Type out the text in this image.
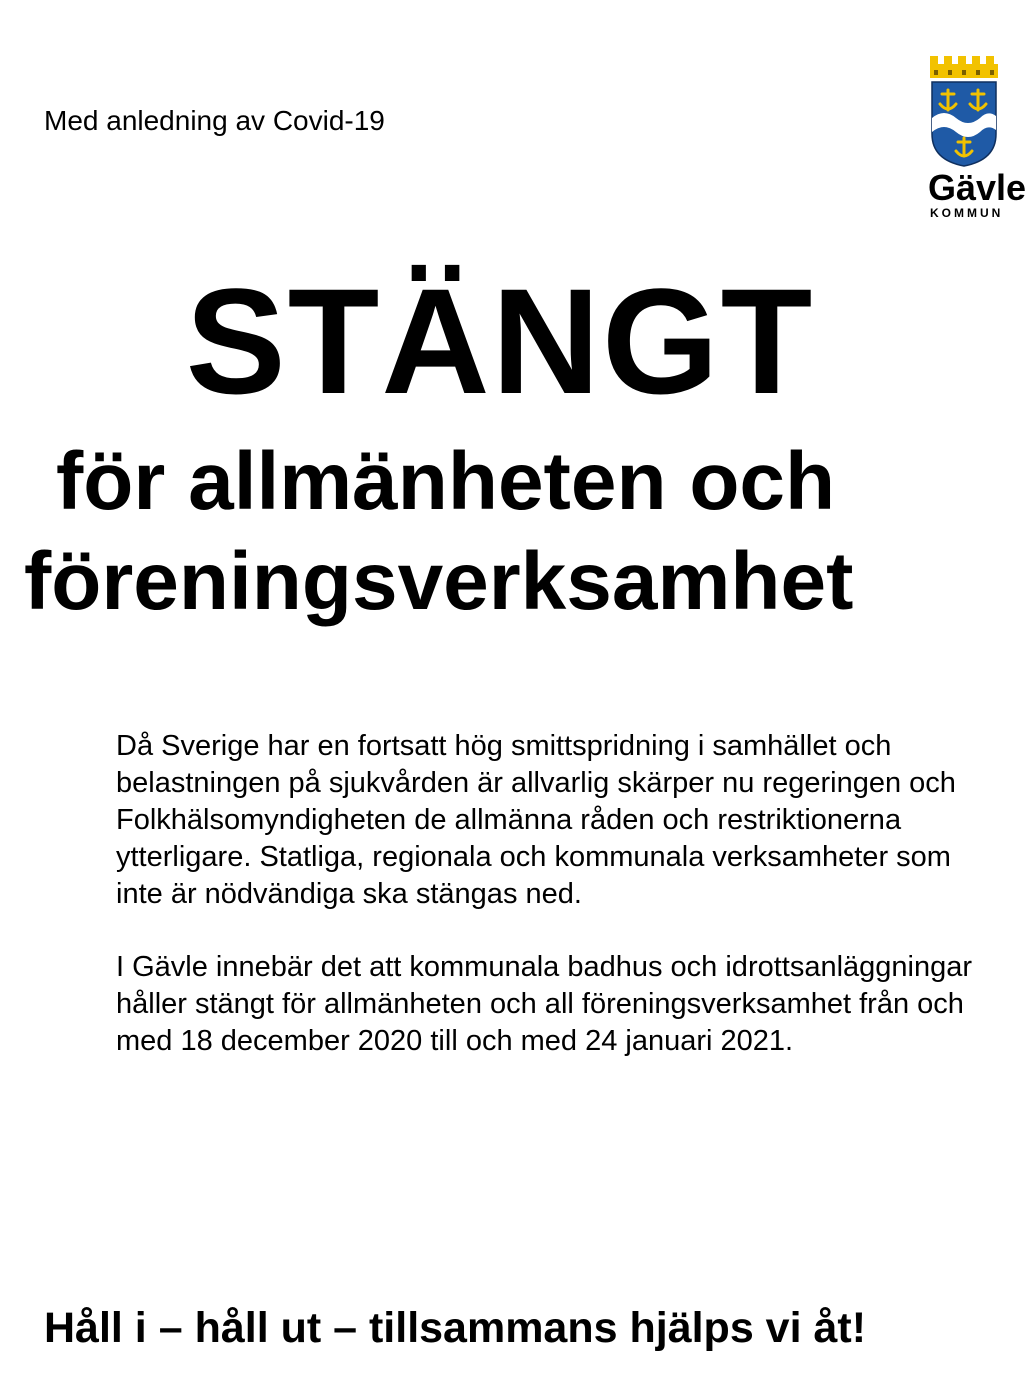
Med anledning av Covid-19
Gävle
KOMMUN
STÄNGT
för allmänheten och
föreningsverksamhet

Då Sverige har en fortsatt hög smittspridning i samhället och belastningen på sjukvården är allvarlig skärper nu regeringen och Folkhälsomyndigheten de allmänna råden och restriktionerna ytterligare. Statliga, regionala och kommunala verksamheter som inte är nödvändiga ska stängas ned.

I Gävle innebär det att kommunala badhus och idrottsanläggningar håller stängt för allmänheten och all föreningsverksamhet från och med 18 december 2020 till och med 24 januari 2021.

Håll i – håll ut – tillsammans hjälps vi åt!
